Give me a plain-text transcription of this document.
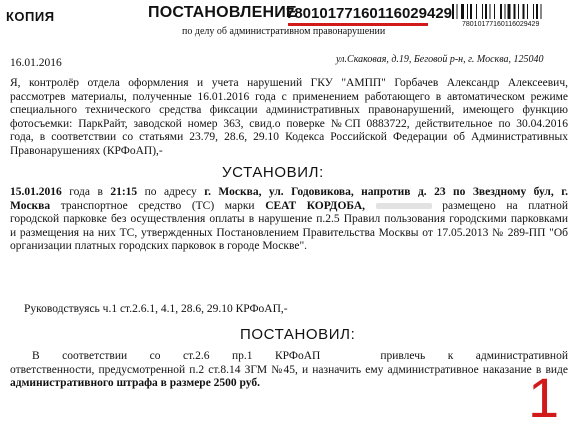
КОПИЯ	ПОСТАНОВЛЕНИЕ
78010177160116029429
по делу об административном правонарушении
78010177160116029429
16.01.2016	ул.Скаковая, д.19, Беговой р-н, г. Москва, 125040
Я, контролёр отдела оформления и учета нарушений ГКУ "АМПП" Горбачев Александр Алексеевич,
рассмотрев материалы, полученные 16.01.2016 года с применением работающего в автоматическом режиме
специального технического средства фиксации административных правонарушений, имеющего функцию
фотосъемки: ПаркРайт, заводской номер 363, свид.о поверке №СП 0883722, действительное по 30.04.2016
года, в соответствии со статьями 23.79, 28.6, 29.10 Кодекса Российской Федерации об Административных
Правонарушениях (КРФоАП),-
УСТАНОВИЛ:
15.01.2016 года в 21:15 по адресу г. Москва, ул. Годовикова, напротив д. 23 по Звездному бул, г.
Москва транспортное средство (ТС) марки СЕАТ КОРДОБА,	размещено на платной
городской парковке без осуществления оплаты в нарушение п.2.5 Правил пользования городскими парковками
и размещения на них ТС, утвержденных Постановлением Правительства Москвы от 17.05.2013 № 289-ПП "Об
организации платных городских парковок в городе Москве".
Руководствуясь ч.1 ст.2.6.1, 4.1, 28.6, 29.10 КРФоАП,-
ПОСТАНОВИЛ:
В соответствии со ст.2.6 пр.1 КРФоАП	привлечь к административной
ответственности, предусмотренной п.2 ст.8.14 ЗГМ №45, и назначить ему административное наказание в виде
административного штрафа в размере 2500 руб.	1
